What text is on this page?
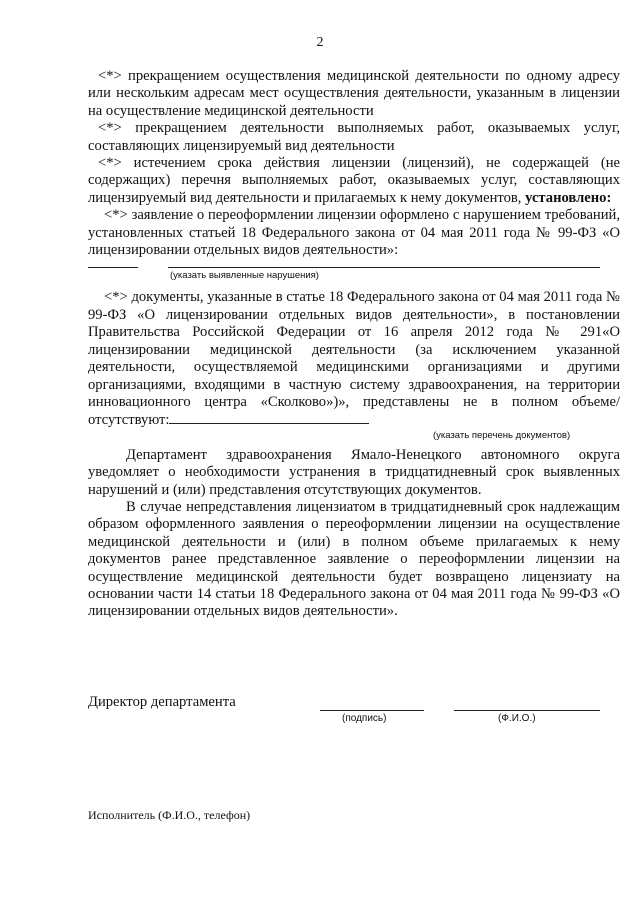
2

<*> прекращением осуществления медицинской деятельности по одному адресу или нескольким адресам мест осуществления деятельности, указанным в лицензии на осуществление медицинской деятельности

<*> прекращением деятельности выполняемых работ, оказываемых услуг, составляющих лицензируемый вид деятельности

<*> истечением срока действия лицензии (лицензий), не содержащей (не содержащих) перечня выполняемых работ, оказываемых услуг, составляющих лицензируемый вид деятельности и прилагаемых к нему документов, установлено:

<*> заявление о переоформлении лицензии оформлено с нарушением требований, установленных статьей 18 Федерального закона от 04 мая 2011 года № 99-ФЗ «О лицензировании отдельных видов деятельности»:

(указать выявленные нарушения)

<*> документы, указанные в статье 18 Федерального закона от 04 мая 2011 года № 99-ФЗ «О лицензировании отдельных видов деятельности», в постановлении Правительства Российской Федерации от 16 апреля 2012 года № 291«О лицензировании медицинской деятельности (за исключением указанной деятельности, осуществляемой медицинскими организациями и другими организациями, входящими в частную систему здравоохранения, на территории инновационного центра «Сколково»)», представлены не в полном объеме/отсутствуют:

(указать перечень документов)

Департамент здравоохранения Ямало-Ненецкого автономного округа уведомляет о необходимости устранения в тридцатидневный срок выявленных нарушений и (или) представления отсутствующих документов.

В случае непредставления лицензиатом в тридцатидневный срок надлежащим образом оформленного заявления о переоформлении лицензии на осуществление медицинской деятельности и (или) в полном объеме прилагаемых к нему документов ранее представленное заявление о переоформлении лицензии на осуществление медицинской деятельности будет возвращено лицензиату на основании части 14 статьи 18 Федерального закона от 04 мая 2011 года № 99-ФЗ «О лицензировании отдельных видов деятельности».

Директор департамента
(подпись)	(Ф.И.О.)
Исполнитель (Ф.И.О., телефон)
